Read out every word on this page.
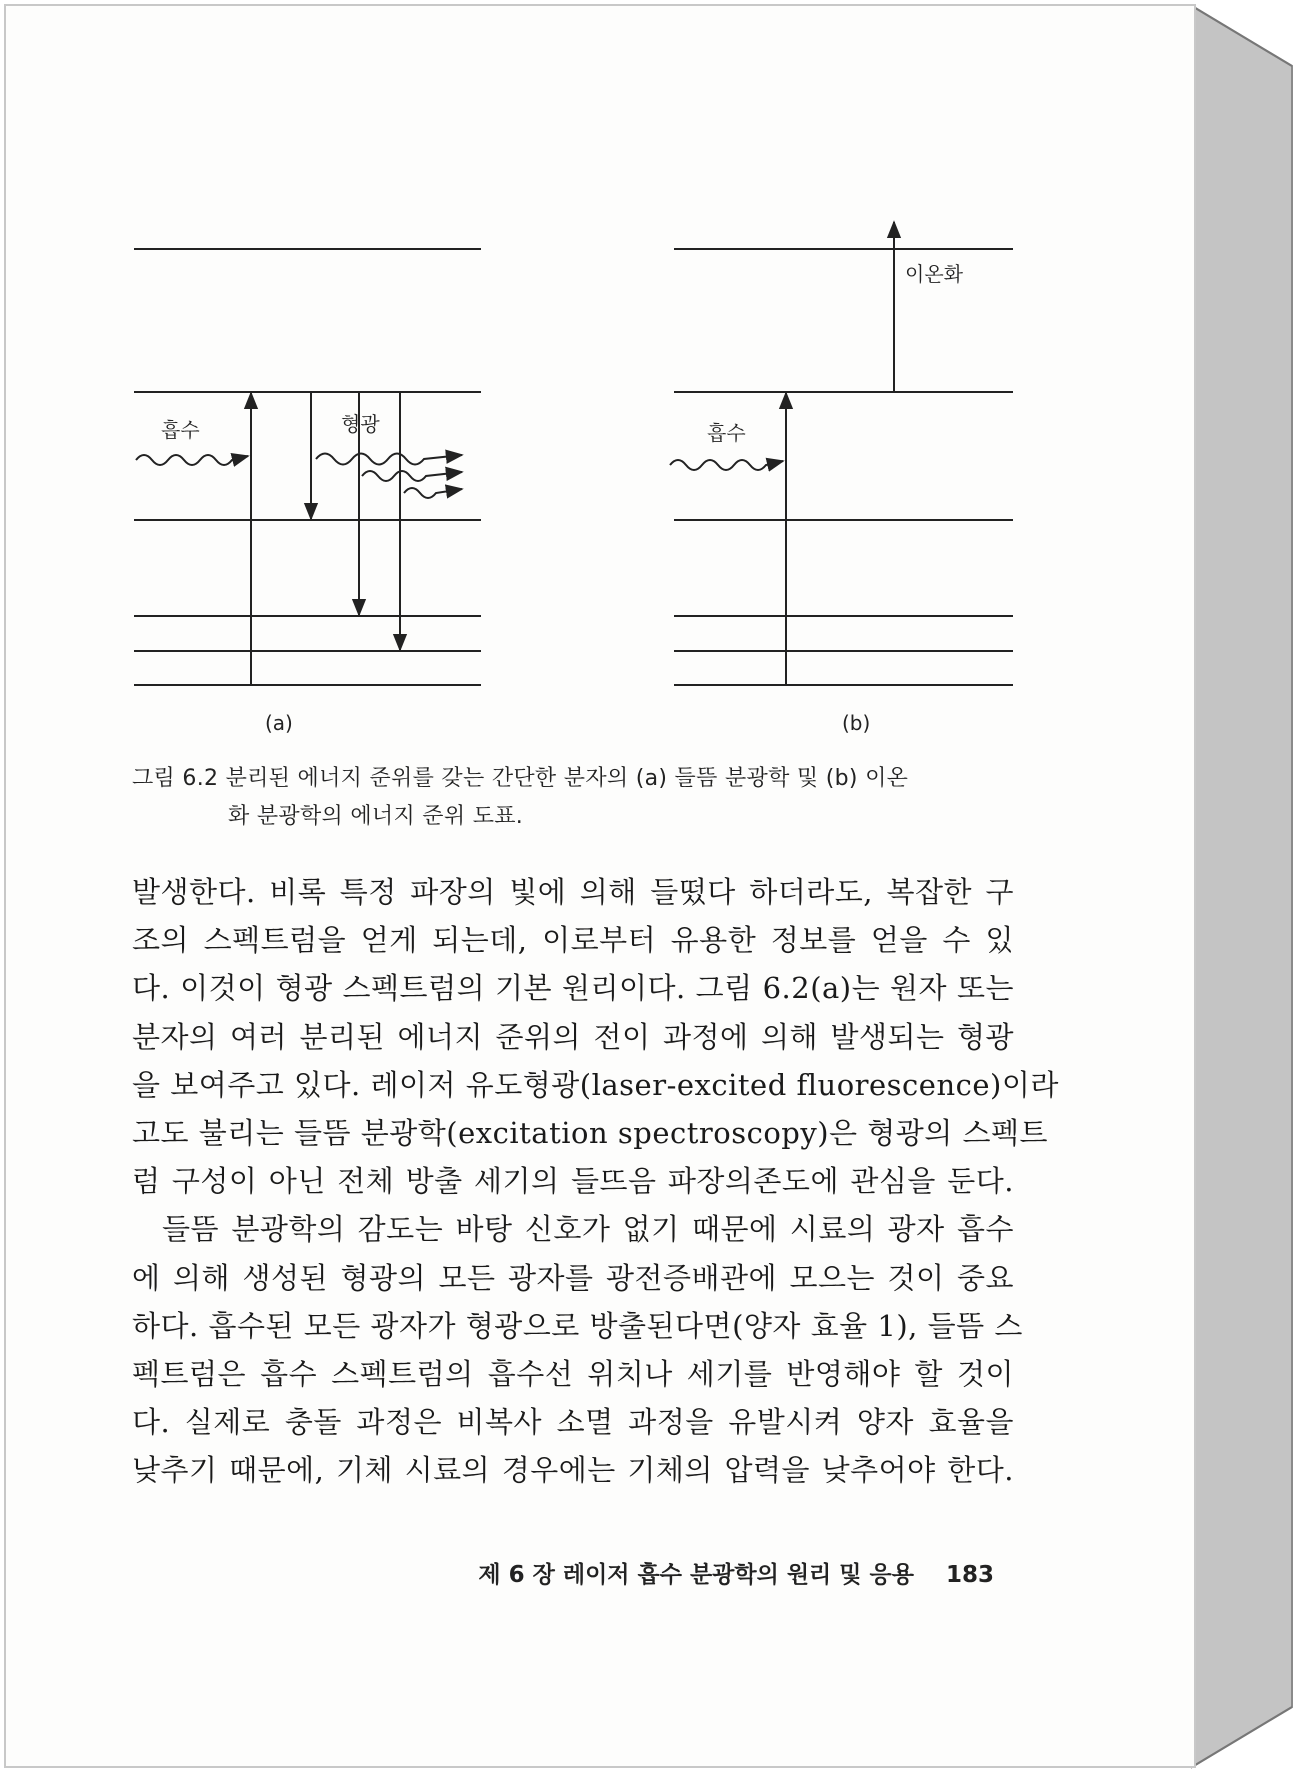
흡수	형광
(a)
흡수
이온화
(b)

그림 6.2 분리된 에너지 준위를 갖는 간단한 분자의 (a) 들뜸 분광학 및 (b) 이온
화 분광학의 에너지 준위 도표.

발생한다. 비록 특정 파장의 빛에 의해 들떴다 하더라도, 복잡한 구
조의 스펙트럼을 얻게 되는데, 이로부터 유용한 정보를 얻을 수 있
다. 이것이 형광 스펙트럼의 기본 원리이다. 그림 6.2(a)는 원자 또는
분자의 여러 분리된 에너지 준위의 전이 과정에 의해 발생되는 형광
을 보여주고 있다. 레이저 유도형광(laser-excited fluorescence)이라
고도 불리는 들뜸 분광학(excitation spectroscopy)은 형광의 스펙트
럼 구성이 아닌 전체 방출 세기의 들뜨음 파장의존도에 관심을 둔다.
들뜸 분광학의 감도는 바탕 신호가 없기 때문에 시료의 광자 흡수
에 의해 생성된 형광의 모든 광자를 광전증배관에 모으는 것이 중요
하다. 흡수된 모든 광자가 형광으로 방출된다면(양자 효율 1), 들뜸 스
펙트럼은 흡수 스펙트럼의 흡수선 위치나 세기를 반영해야 할 것이
다. 실제로 충돌 과정은 비복사 소멸 과정을 유발시켜 양자 효율을
낮추기 때문에, 기체 시료의 경우에는 기체의 압력을 낮추어야 한다.
제 6 장 레이저 흡수 분광학의 원리 및 응용 183
